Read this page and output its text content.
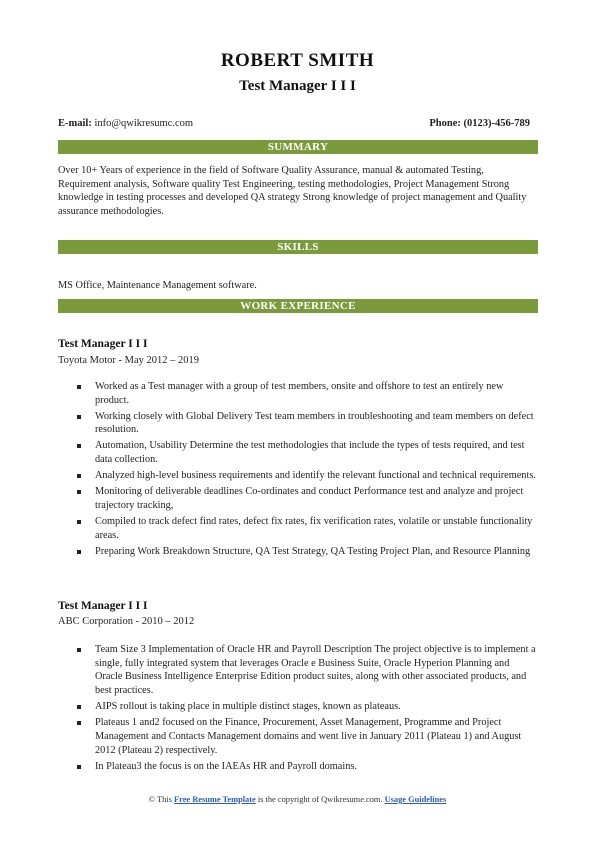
ROBERT SMITH
Test Manager I I I
E-mail: info@qwikresumc.com	Phone: (0123)-456-789
SUMMARY
Over 10+ Years of experience in the field of Software Quality Assurance, manual & automated Testing, Requirement analysis, Software quality Test Engineering, testing methodologies, Project Management Strong knowledge in testing processes and developed QA strategy Strong knowledge of project management and Quality assurance methodologies.
SKILLS
MS Office, Maintenance Management software.
WORK EXPERIENCE
Test Manager I I I
Toyota Motor - May 2012 – 2019
Worked as a Test manager with a group of test members, onsite and offshore to test an entirely new product.
Working closely with Global Delivery Test team members in troubleshooting and team members on defect resolution.
Automation, Usability Determine the test methodologies that include the types of tests required, and test data collection.
Analyzed high-level business requirements and identify the relevant functional and technical requirements.
Monitoring of deliverable deadlines Co-ordinates and conduct Performance test and analyze and project trajectory tracking,
Compiled to track defect find rates, defect fix rates, fix verification rates, volatile or unstable functionality areas.
Preparing Work Breakdown Structure, QA Test Strategy, QA Testing Project Plan, and Resource Planning
Test Manager I I I
ABC Corporation - 2010 – 2012
Team Size 3 Implementation of Oracle HR and Payroll Description The project objective is to implement a single, fully integrated system that leverages Oracle e Business Suite, Oracle Hyperion Planning and Oracle Business Intelligence Enterprise Edition product suites, along with other associated products, and best practices.
AIPS rollout is taking place in multiple distinct stages, known as plateaus.
Plateaus 1 and2 focused on the Finance, Procurement, Asset Management, Programme and Project Management and Contacts Management domains and went live in January 2011 (Plateau 1) and August 2012 (Plateau 2) respectively.
In Plateau3 the focus is on the IAEAs HR and Payroll domains.
© This Free Resume Template is the copyright of Qwikresume.com. Usage Guidelines
